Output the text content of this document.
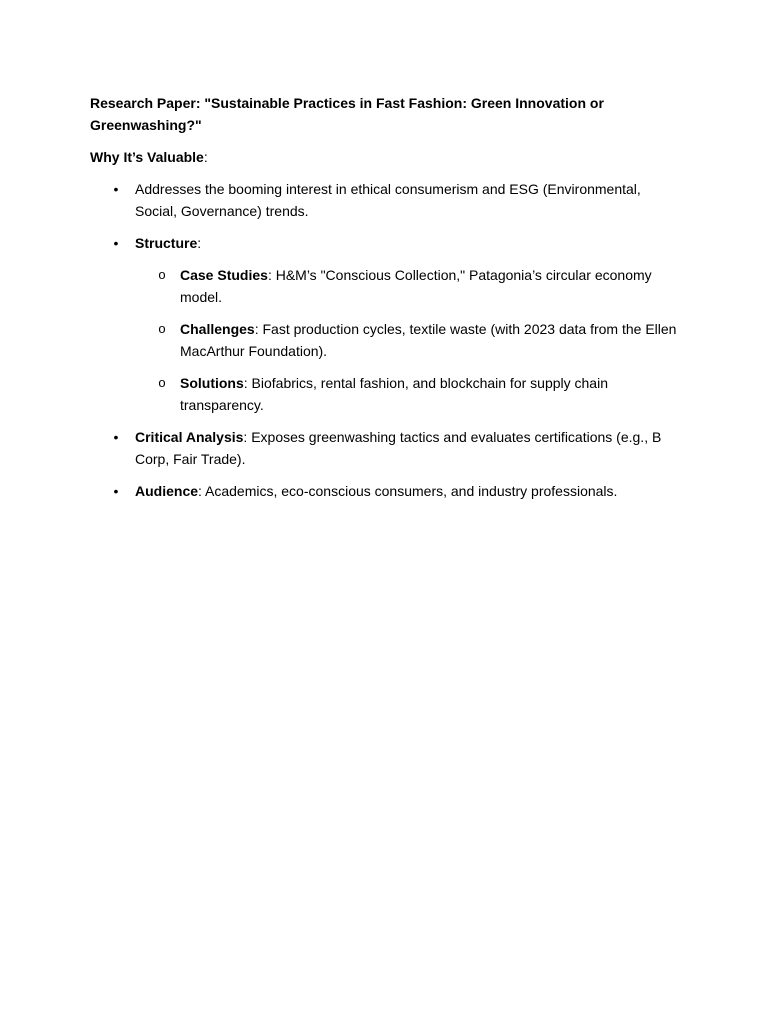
Research Paper: "Sustainable Practices in Fast Fashion: Green Innovation or Greenwashing?"

Why It’s Valuable:

• Addresses the booming interest in ethical consumerism and ESG (Environmental, Social, Governance) trends.
• Structure:
o Case Studies: H&M’s "Conscious Collection," Patagonia’s circular economy model.
o Challenges: Fast production cycles, textile waste (with 2023 data from the Ellen MacArthur Foundation).
o Solutions: Biofabrics, rental fashion, and blockchain for supply chain transparency.
• Critical Analysis: Exposes greenwashing tactics and evaluates certifications (e.g., B Corp, Fair Trade).
• Audience: Academics, eco-conscious consumers, and industry professionals.
